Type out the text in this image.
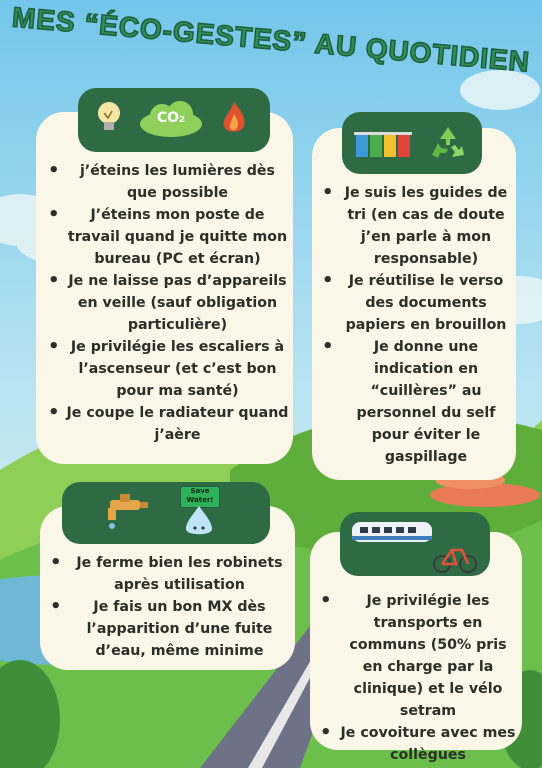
MES “ÉCO-GESTES” AU QUOTIDIEN
CO₂
• j’éteins les lumières dès que possible
• J’éteins mon poste de travail quand je quitte mon bureau (PC et écran)
• Je ne laisse pas d’appareils en veille (sauf obligation particulière)
• Je privilégie les escaliers à l’ascenseur (et c’est bon pour ma santé)
• Je coupe le radiateur quand j’aère
• Je suis les guides de tri (en cas de doute j’en parle à mon responsable)
• Je réutilise le verso des documents papiers en brouillon
• Je donne une indication en “cuillères” au personnel du self pour éviter le gaspillage
Save Water!
• Je ferme bien les robinets après utilisation
• Je fais un bon MX dès l’apparition d’une fuite d’eau, même minime
• Je privilégie les transports en communs (50% pris en charge par la clinique) et le vélo setram
• Je covoiture avec mes collègues
